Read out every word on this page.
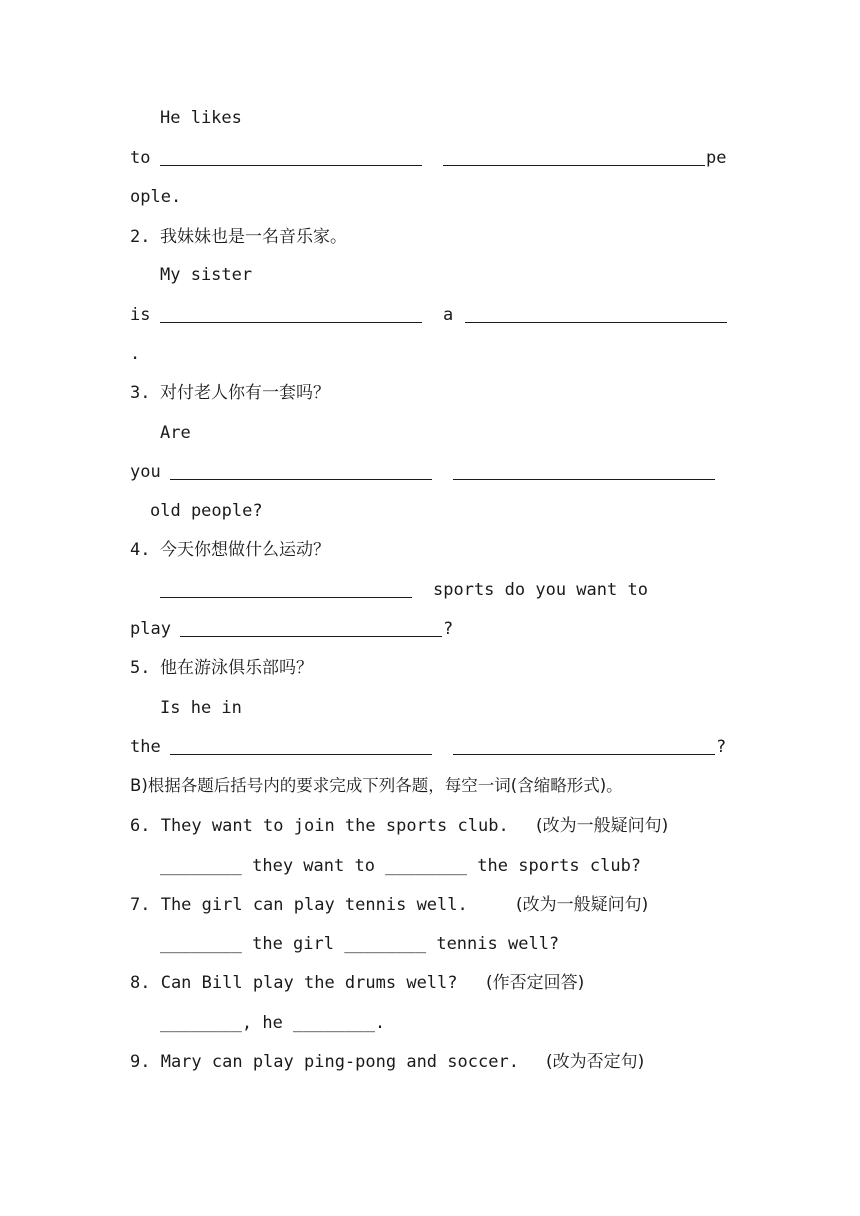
He likes

to

	pe

ople.

2.

我妹妹也是一名音乐家。

My sister

is

	a

.

3.

对付老人你有一套吗？

Are

you

old people?

4.

今天你想做什么运动？

sports do you want to

play

	?

5.

他在游泳俱乐部吗？

Is he in

the

	?

B)根据各题后括号内的要求完成下列各题，每空一词(含缩略形式)。

6. They want to join the sports club.

(改为一般疑问句)

________ they want to ________ the sports club?

7. The girl can play tennis well.

	(改为一般疑问句)

________ the girl ________ tennis well?

8. Can Bill play the drums well?

(作否定回答)

________, he ________.

9. Mary can play ping-pong and soccer.

(改为否定句)
